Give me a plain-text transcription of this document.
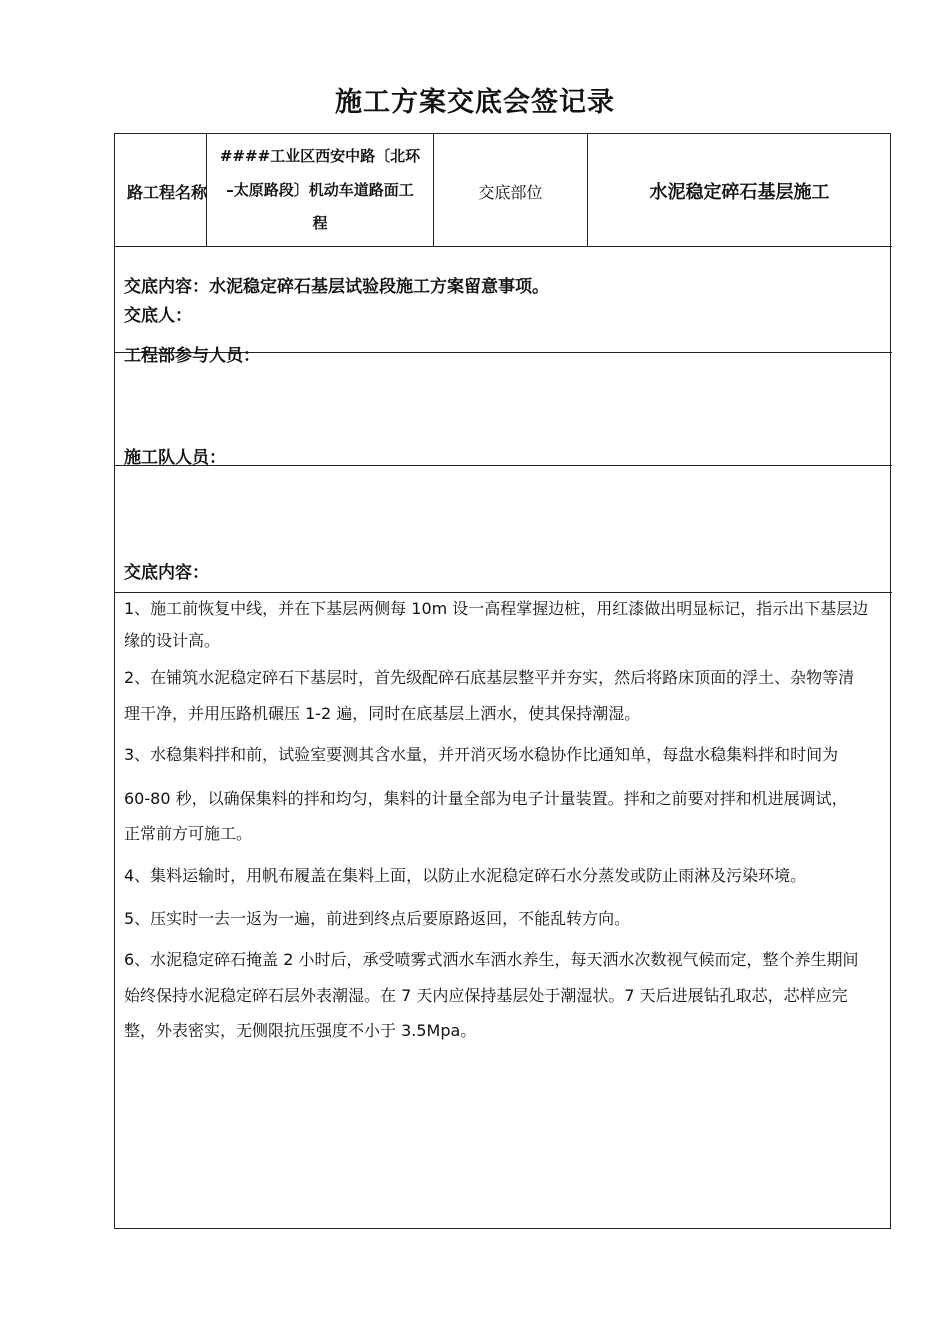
施工方案交底会签记录
路工程名称
####工业区西安中路〔北环
–太原路段〕机动车道路面工
程
交底部位	水泥稳定碎石基层施工
交底内容：水泥稳定碎石基层试验段施工方案留意事项。
交底人：
工程部参与人员：
施工队人员：
交底内容：
1、施工前恢复中线，并在下基层两侧每 10m 设一高程掌握边桩，用红漆做出明显标记，指示出下基层边
缘的设计高。
2、在铺筑水泥稳定碎石下基层时，首先级配碎石底基层整平并夯实，然后将路床顶面的浮土、杂物等清
理干净，并用压路机碾压 1-2 遍，同时在底基层上洒水，使其保持潮湿。
3、水稳集料拌和前，试验室要测其含水量，并开消灭场水稳协作比通知单，每盘水稳集料拌和时间为
60-80 秒，以确保集料的拌和均匀，集料的计量全部为电子计量装置。拌和之前要对拌和机进展调试，
正常前方可施工。
4、集料运输时，用帆布履盖在集料上面，以防止水泥稳定碎石水分蒸发或防止雨淋及污染环境。
5、压实时一去一返为一遍，前进到终点后要原路返回，不能乱转方向。
6、水泥稳定碎石掩盖 2 小时后，承受喷雾式洒水车洒水养生，每天洒水次数视气候而定，整个养生期间
始终保持水泥稳定碎石层外表潮湿。在 7 天内应保持基层处于潮湿状。7 天后进展钻孔取芯，芯样应完
整，外表密实，无侧限抗压强度不小于 3.5Mpa。
